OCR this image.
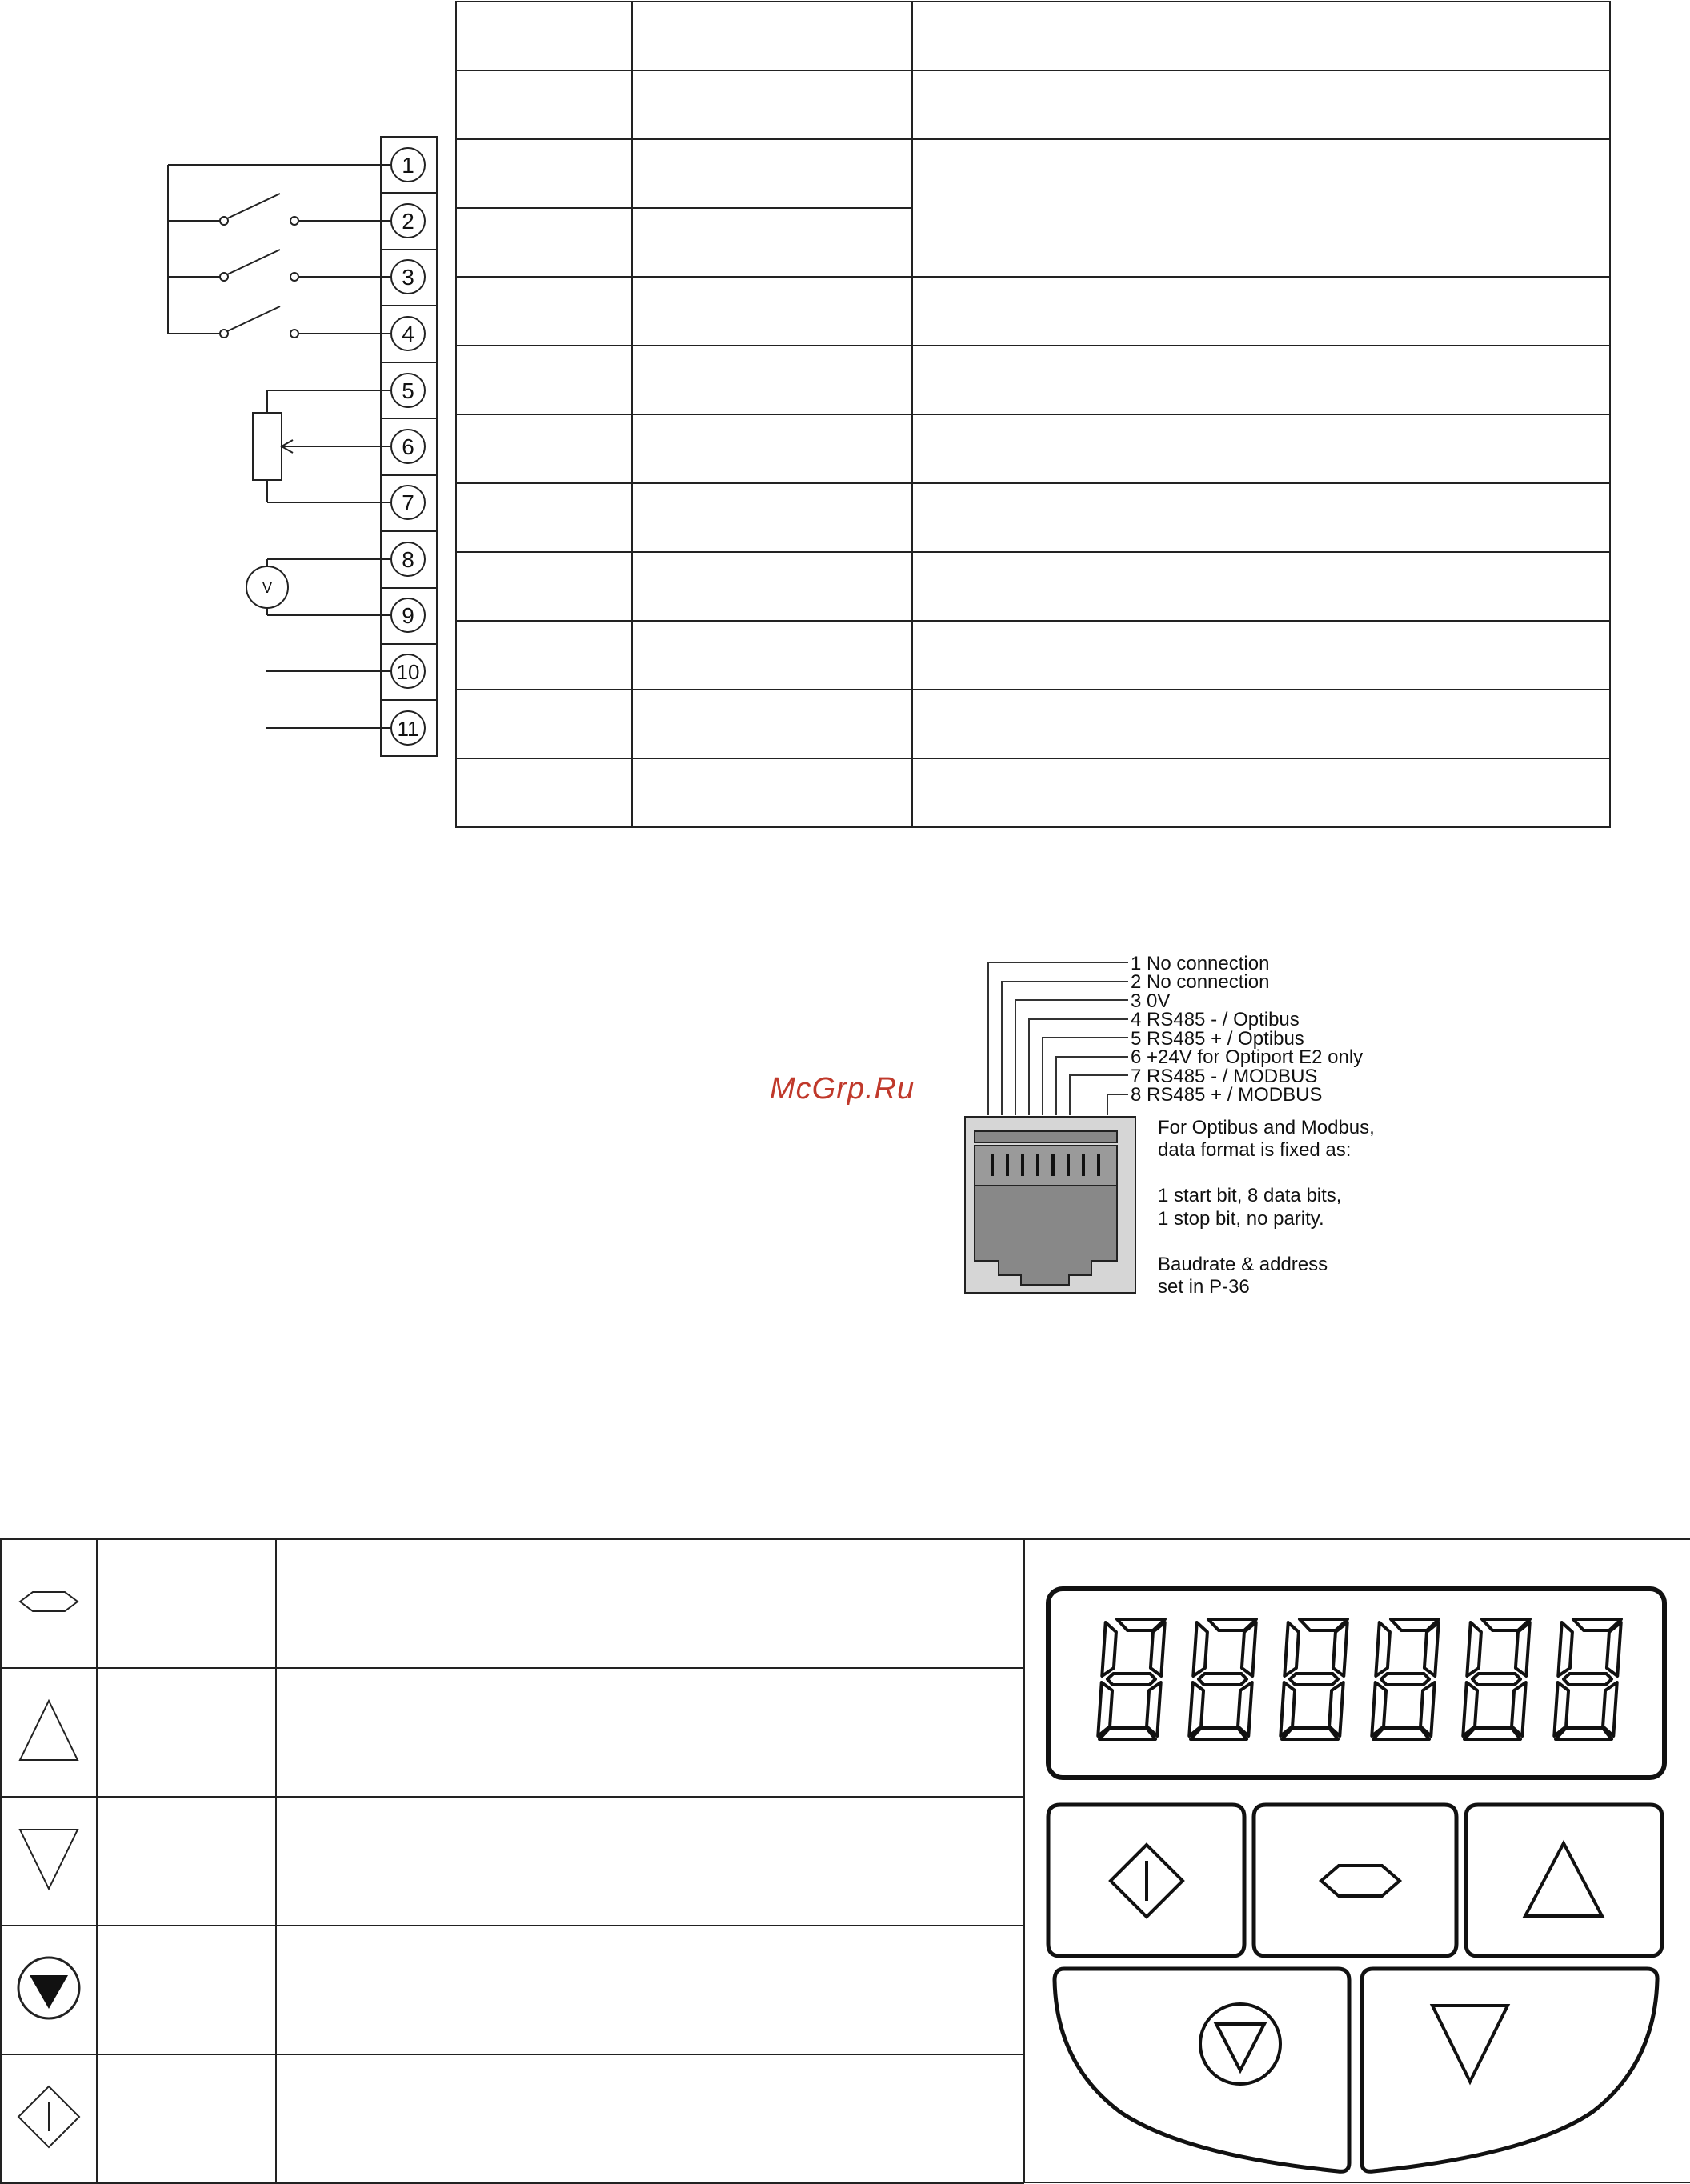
1
2
3
4
5
6
7
8
9
10
11
V

McGrp.Ru
1 No connection
2 No connection
3 0V
4 RS485 - / Optibus
5 RS485 + / Optibus
6 +24V for Optiport E2 only
7 RS485 - / MODBUS
8 RS485 + / MODBUS
For Optibus and Modbus,
data format is fixed as:
1 start bit, 8 data bits,
1 stop bit, no parity.
Baudrate & address
set in P-36
